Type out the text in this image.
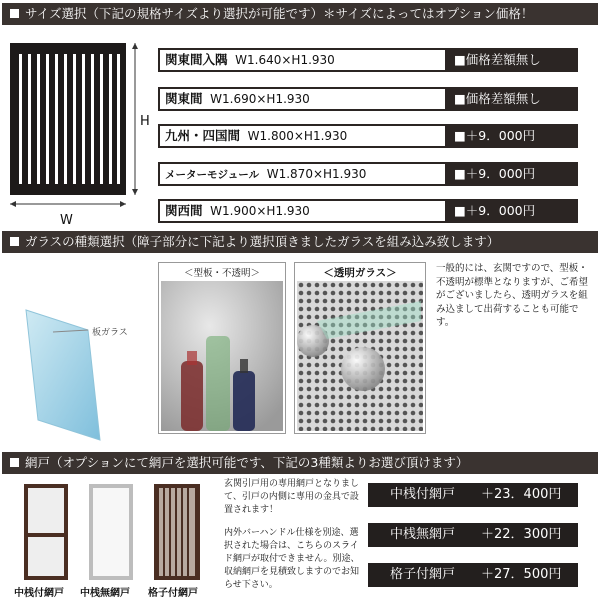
サイズ選択（下記の規格サイズより選択が可能です）＊サイズによってはオプション価格！
H
W
関東間入隅 W1.640×H1.930	■価格差額無し
関東間 W1.690×H1.930	■価格差額無し
九州・四国間 W1.800×H1.930	■＋9．000円
メーターモジュール W1.870×H1.930	■＋9．000円
関西間 W1.900×H1.930	■＋9．000円
ガラスの種類選択（障子部分に下記より選択頂きましたガラスを組み込み致します）
板ガラス
＜型板・不透明＞	＜透明ガラス＞	一般的には、玄関ですので、型板・不透明が標準となりますが、ご希望がございましたら、透明ガラスを組み込まして出荷することも可能です。
網戸（オプションにて網戸を選択可能です、下記の3種類よりお選び頂けます）
中桟付網戸 中桟無網戸 格子付網戸
玄関引戸用の専用網戸となりまして、引戸の内側に専用の金具で設置されます！
内外バーハンドル仕様を別途、選択された場合は、こちらのスライド網戸が取付できません。別途、収納網戸を見積致しますのでお知らせ下さい。
中桟付網戸 ＋23．400円
中桟無網戸 ＋22．300円
格子付網戸 ＋27．500円
